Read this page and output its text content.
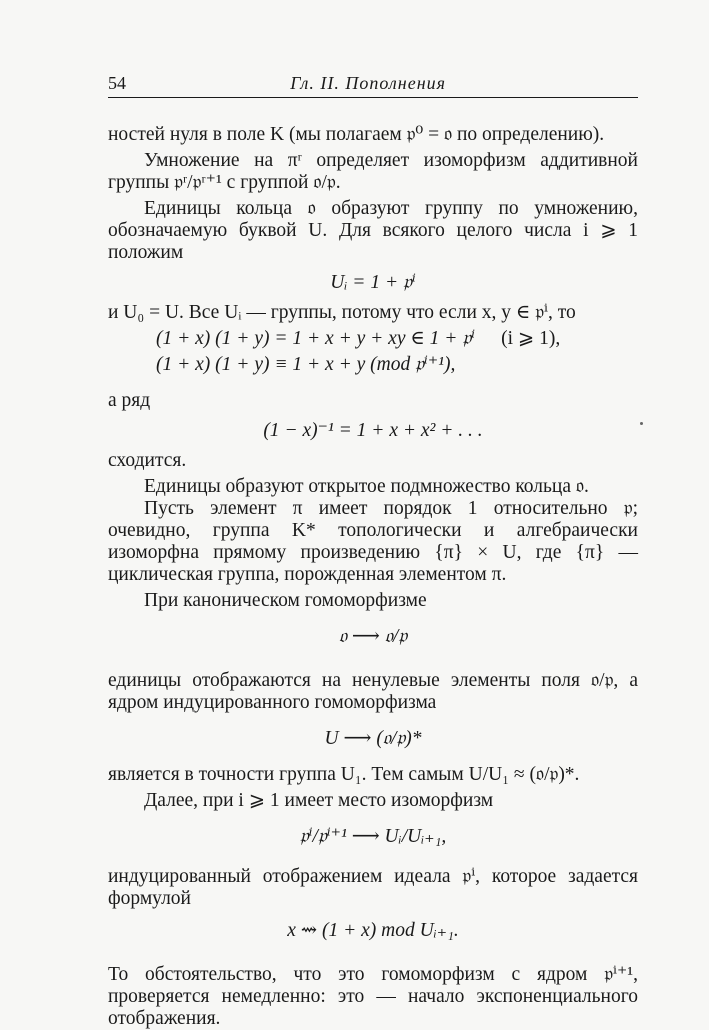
54	Гл. II. Пополнения

ностей нуля в поле K (мы полагаем 𝔭⁰ = 𝔬 по определению).

Умножение на πʳ определяет изоморфизм аддитивной группы 𝔭ʳ/𝔭ʳ⁺¹ с группой 𝔬/𝔭.

Единицы кольца 𝔬 образуют группу по умножению, обозначаемую буквой U. Для всякого целого числа i ⩾ 1 положим

Uᵢ = 1 + 𝔭ⁱ

и U₀ = U. Все Uᵢ — группы, потому что если x, y ∈ 𝔭ⁱ, то

(1 + x) (1 + y) = 1 + x + y + xy ∈ 1 + 𝔭ⁱ (i ⩾ 1),

(1 + x) (1 + y) ≡ 1 + x + y (mod 𝔭ⁱ⁺¹),

а ряд

(1 − x)⁻¹ = 1 + x + x² + . . .

сходится.

Единицы образуют открытое подмножество кольца 𝔬.

Пусть элемент π имеет порядок 1 относительно 𝔭; очевидно, группа K* топологически и алгебраически изоморфна прямому произведению {π} × U, где {π} — циклическая группа, порожденная элементом π.

При каноническом гомоморфизме

𝔬 ⟶ 𝔬/𝔭

единицы отображаются на ненулевые элементы поля 𝔬/𝔭, а ядром индуцированного гомоморфизма

U ⟶ (𝔬/𝔭)*

является в точности группа U₁. Тем самым U/U₁ ≈ (𝔬/𝔭)*.

Далее, при i ⩾ 1 имеет место изоморфизм

𝔭ⁱ/𝔭ⁱ⁺¹ ⟶ Uᵢ/Uᵢ₊₁,

индуцированный отображением идеала 𝔭ⁱ, которое задается формулой

x ⇝ (1 + x) mod Uᵢ₊₁.

То обстоятельство, что это гомоморфизм с ядром 𝔭ⁱ⁺¹, проверяется немедленно: это — начало экспоненциального отображения.
